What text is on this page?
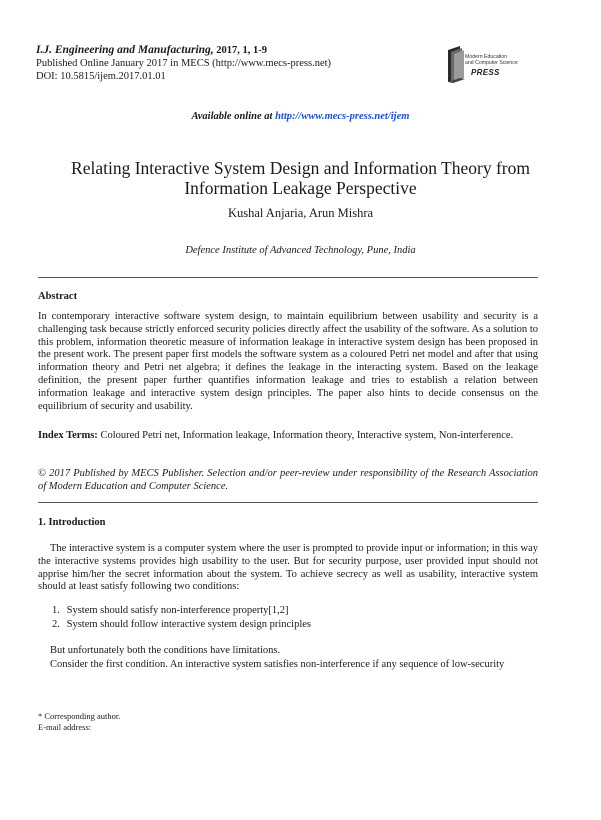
I.J. Engineering and Manufacturing, 2017, 1, 1-9
Published Online January 2017 in MECS (http://www.mecs-press.net)
DOI: 10.5815/ijem.2017.01.01
Modern Education
and Computer Science
PRESS
Available online at http://www.mecs-press.net/ijem
Relating Interactive System Design and Information Theory from Information Leakage Perspective
Kushal Anjaria, Arun Mishra
Defence Institute of Advanced Technology, Pune, India
Abstract

In contemporary interactive software system design, to maintain equilibrium between usability and security is a challenging task because strictly enforced security policies directly affect the usability of the software. As a solution to this problem, information theoretic measure of information leakage in interactive system design has been proposed in the present work. The present paper first models the software system as a coloured Petri net model and after that using information theory and Petri net algebra; it defines the leakage in the interacting system. Based on the leakage definition, the present paper further quantifies information leakage and tries to establish a relation between information leakage and interactive system design principles. The paper also hints to decide consensus on the equilibrium of security and usability.

Index Terms: Coloured Petri net, Information leakage, Information theory, Interactive system, Non-interference.

© 2017 Published by MECS Publisher. Selection and/or peer-review under responsibility of the Research Association of Modern Education and Computer Science.

1. Introduction

The interactive system is a computer system where the user is prompted to provide input or information; in this way the interactive systems provides high usability to the user. But for security purpose, user provided input should not apprise him/her the secret information about the system. To achieve secrecy as well as usability, interactive system should at least satisfy following two conditions:

1. System should satisfy non-interference property[1,2]
2. System should follow interactive system design principles

But unfortunately both the conditions have limitations.

Consider the first condition. An interactive system satisfies non-interference if any sequence of low-security

* Corresponding author.
E-mail address:
